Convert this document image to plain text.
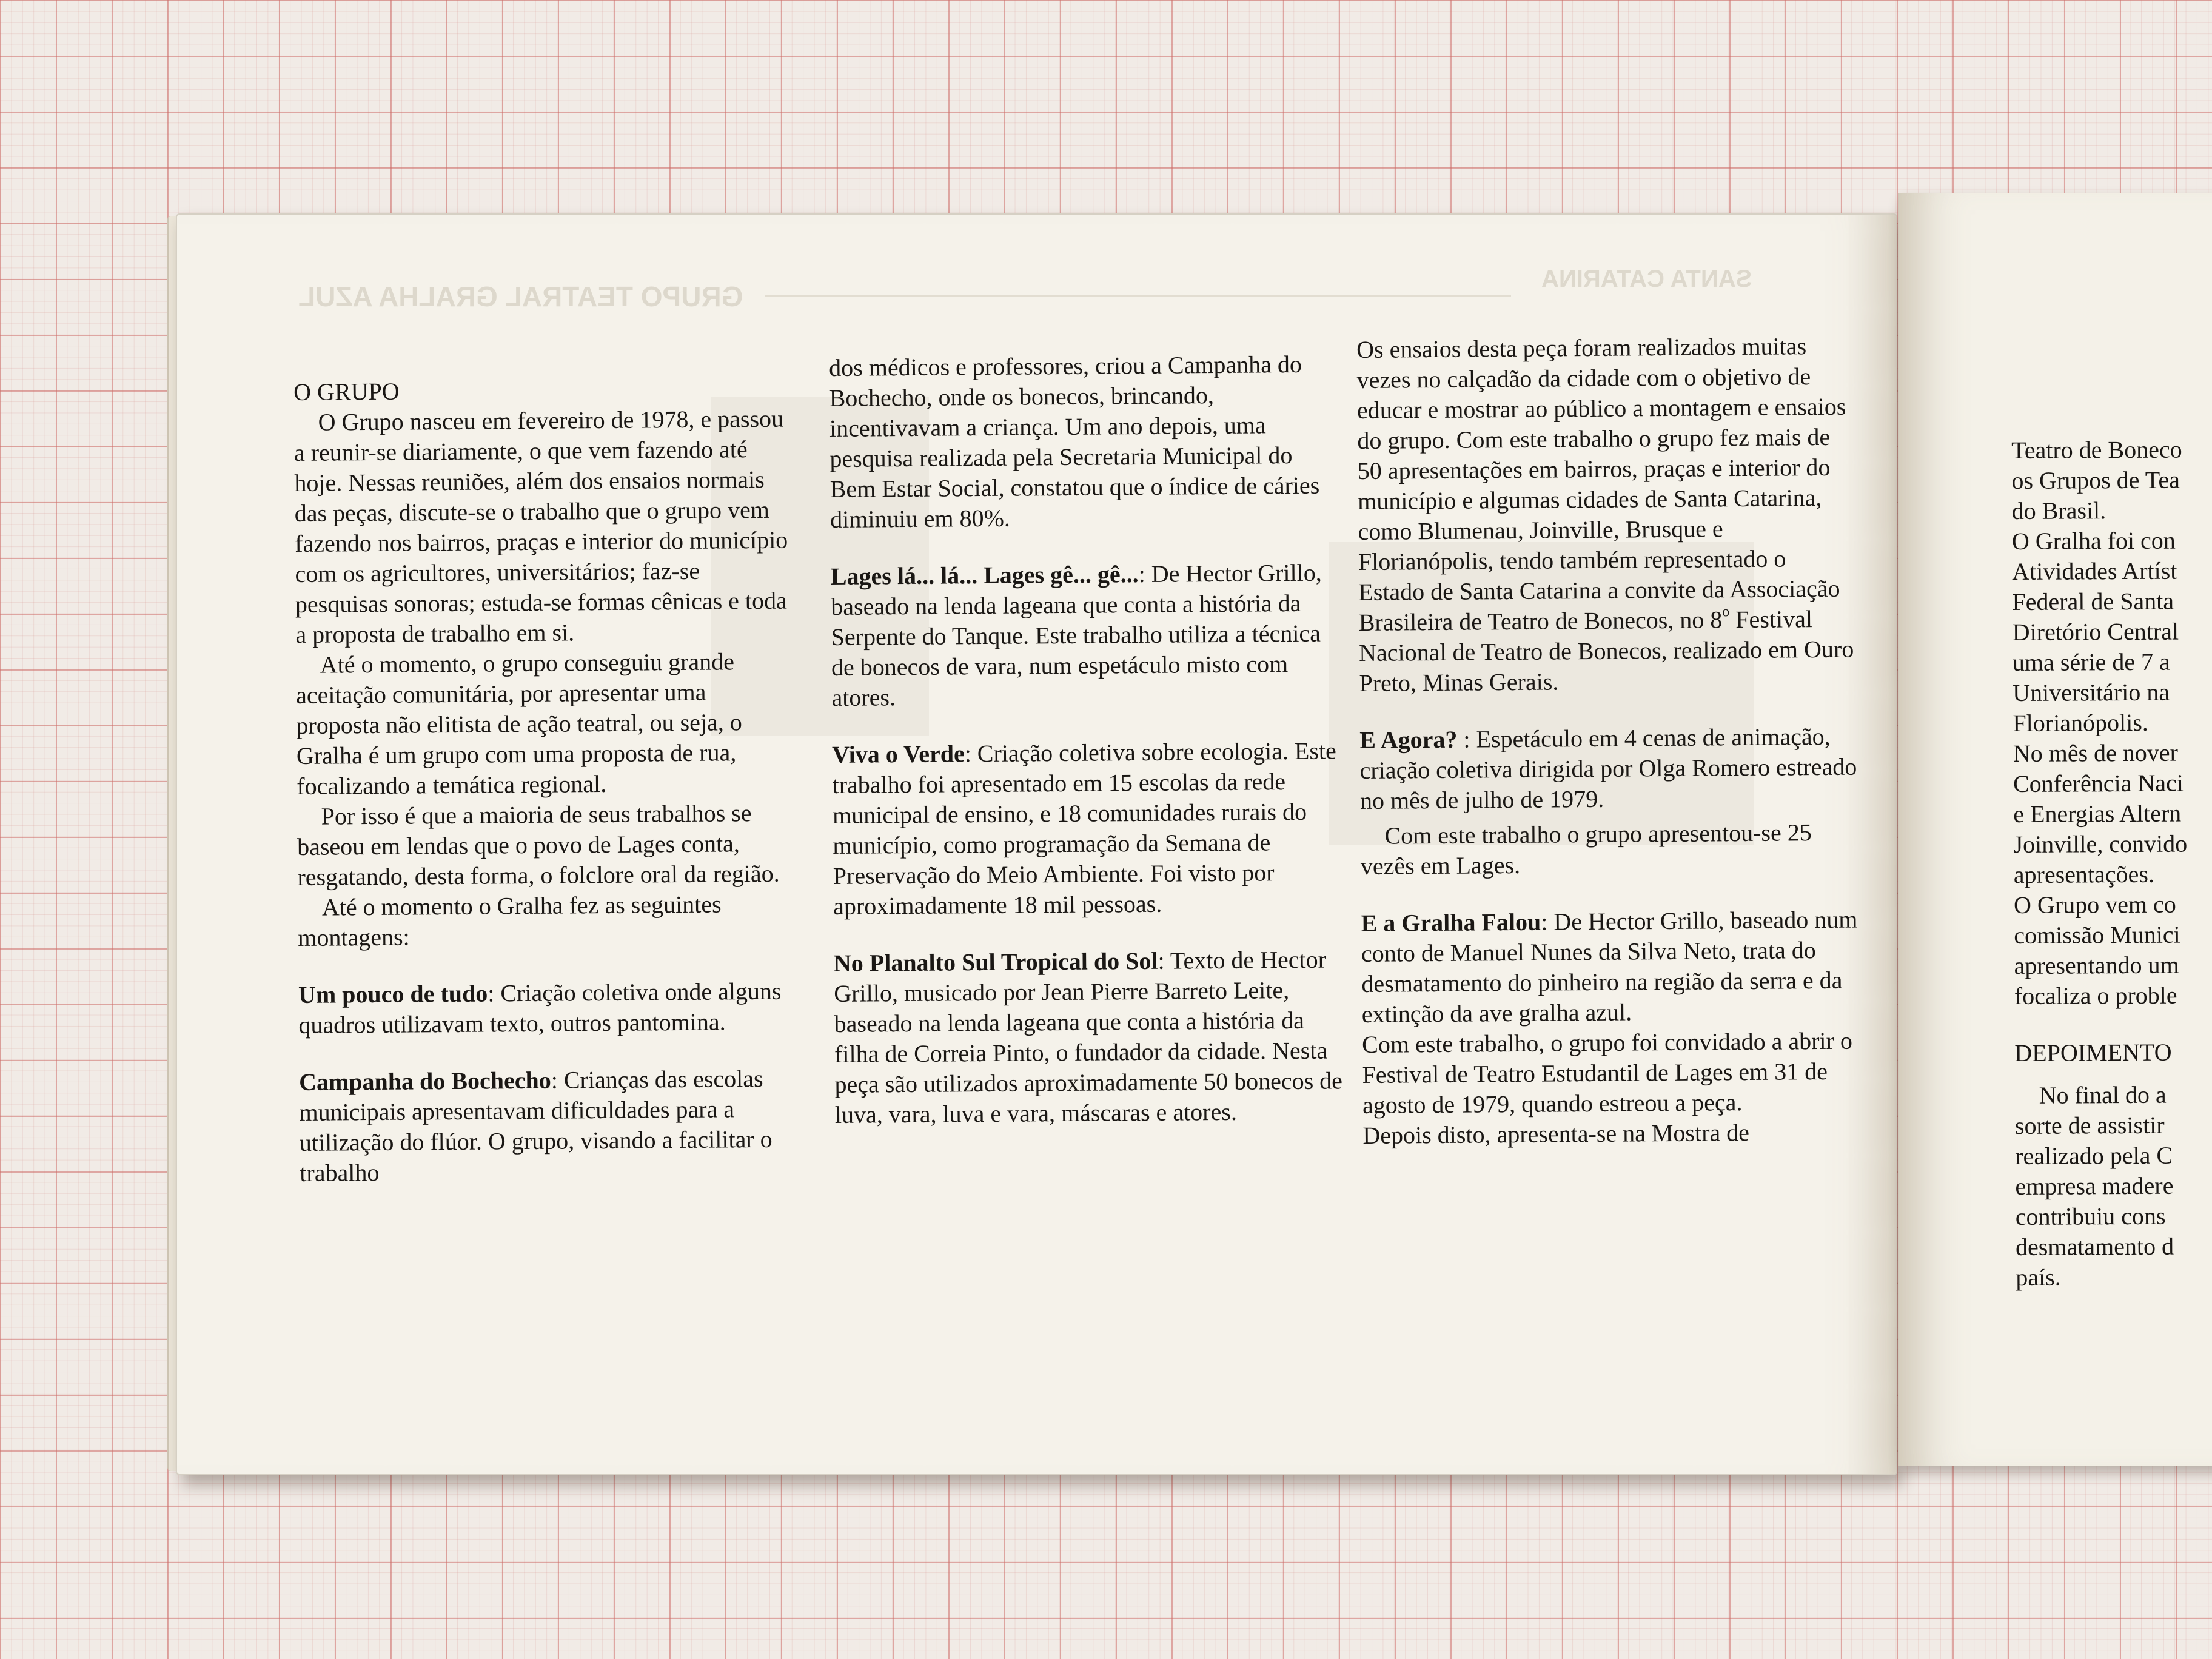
GRUPO TEATRAL GRALHA AZUL
SANTA CATARINA

O GRUPO

O Grupo nasceu em fevereiro de 1978, e passou a reunir-se diariamente, o que vem fazendo até hoje. Nessas reuniões, além dos ensaios normais das peças, discute-se o trabalho que o grupo vem fazendo nos bairros, praças e interior do município com os agricultores, universitários; faz-se pesquisas sonoras; estuda-se formas cênicas e toda a proposta de trabalho em si.

Até o momento, o grupo conseguiu grande aceitação comunitária, por apresentar uma proposta não elitista de ação teatral, ou seja, o Gralha é um grupo com uma proposta de rua, focalizando a temática regional.

Por isso é que a maioria de seus trabalhos se baseou em lendas que o povo de Lages conta, resgatando, desta forma, o folclore oral da região.

Até o momento o Gralha fez as seguintes montagens:

Um pouco de tudo: Criação coletiva onde alguns quadros utilizavam texto, outros pantomina.

Campanha do Bochecho: Crianças das escolas municipais apresentavam dificuldades para a utilização do flúor. O grupo, visando a facilitar o trabalho

dos médicos e professores, criou a Campanha do Bochecho, onde os bonecos, brincando, incentivavam a criança. Um ano depois, uma pesquisa realizada pela Secretaria Municipal do Bem Estar Social, constatou que o índice de cáries diminuiu em 80%.

Lages lá... lá... Lages gê... gê...: De Hector Grillo, baseado na lenda lageana que conta a história da Serpente do Tanque. Este trabalho utiliza a técnica de bonecos de vara, num espetáculo misto com atores.

Viva o Verde: Criação coletiva sobre ecologia. Este trabalho foi apresentado em 15 escolas da rede municipal de ensino, e 18 comunidades rurais do município, como programação da Semana de Preservação do Meio Ambiente. Foi visto por aproximadamente 18 mil pessoas.

No Planalto Sul Tropical do Sol: Texto de Hector Grillo, musicado por Jean Pierre Barreto Leite, baseado na lenda lageana que conta a história da filha de Correia Pinto, o fundador da cidade. Nesta peça são utilizados aproximadamente 50 bonecos de luva, vara, luva e vara, máscaras e atores.

Os ensaios desta peça foram realizados muitas vezes no calçadão da cidade com o objetivo de educar e mostrar ao público a montagem e ensaios do grupo. Com este trabalho o grupo fez mais de 50 apresentações em bairros, praças e interior do município e algumas cidades de Santa Catarina, como Blumenau, Joinville, Brusque e Florianópolis, tendo também representado o Estado de Santa Catarina a convite da Associação Brasileira de Teatro de Bonecos, no 8$^o$ Festival Nacional de Teatro de Bonecos, realizado em Ouro Preto, Minas Gerais.

E Agora? : Espetáculo em 4 cenas de animação, criação coletiva dirigida por Olga Romero estreado no mês de julho de 1979.

Com este trabalho o grupo apresentou-se 25 vezês em Lages.

E a Gralha Falou: De Hector Grillo, baseado num conto de Manuel Nunes da Silva Neto, trata do desmatamento do pinheiro na região da serra e da extinção da ave gralha azul.

Com este trabalho, o grupo foi convidado a abrir o Festival de Teatro Estudantil de Lages em 31 de agosto de 1979, quando estreou a peça.

Depois disto, apresenta-se na Mostra de

Teatro de Boneco

os Grupos de Tea

do Brasil.

O Gralha foi con

Atividades Artíst

Federal de Santa

Diretório Central

uma série de 7 a

Universitário na

Florianópolis.

No mês de nover

Conferência Naci

e Energias Altern

Joinville, convido

apresentações.

O Grupo vem co

comissão Munici

apresentando um

focaliza o proble

DEPOIMENTO

No final do a

sorte de assistir

realizado pela C

empresa madere

contribuiu cons

desmatamento d

país.
